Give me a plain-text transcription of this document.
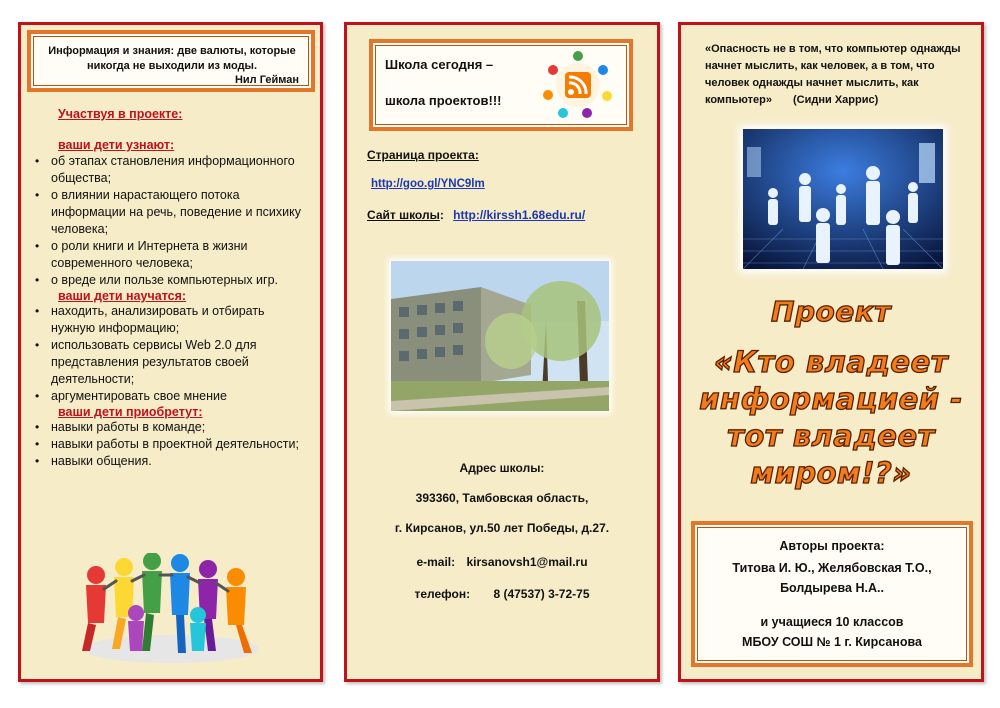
Информация и знания: две валюты, которые никогда не выходили из моды.
Нил Гейман
Участвуя в проекте:
ваши дети узнают:
• об этапах становления информационного общества;
• о влиянии нарастающего потока информации на речь, поведение и психику человека;
• о роли книги и Интернета в жизни современного человека;
• о вреде или пользе компьютерных игр.
ваши дети научатся:
• находить, анализировать и отбирать нужную информацию;
• использовать сервисы Web 2.0 для представления результатов своей деятельности;
• аргументировать свое мнение
ваши дети приобретут:
• навыки работы в команде;
• навыки работы в проектной деятельности;
• навыки общения.
Школа сегодня –
школа проектов!!!
Страница проекта:
http://goo.gl/YNC9lm
Сайт школы: http://kirssh1.68edu.ru/
Адрес школы:
393360, Тамбовская область,
г. Кирсанов, ул.50 лет Победы, д.27.
e-mail: kirsanovsh1@mail.ru
телефон: 8 (47537) 3-72-75
«Опасность не в том, что компьютер однажды начнет мыслить, как человек, а в том, что человек однажды начнет мыслить, как компьютер» (Сидни Харрис)
Проект
«Кто владеет
информацией -
тот владеет
миром!?»
Авторы проекта:
Титова И. Ю., Желябовская Т.О.,
Болдырева Н.А..
и учащиеся 10 классов
МБОУ СОШ № 1 г. Кирсанова
